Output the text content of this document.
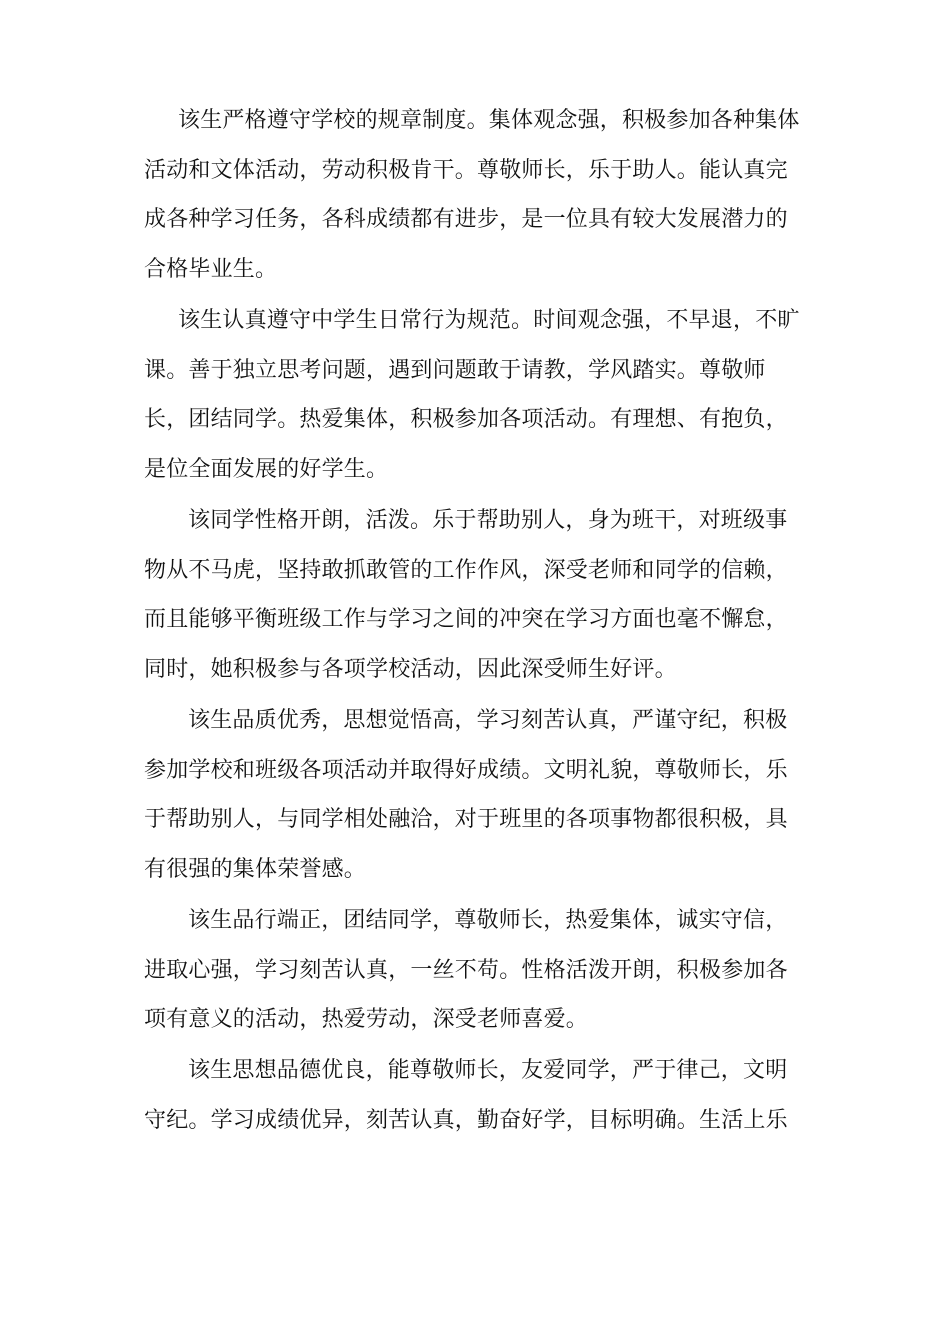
该生严格遵守学校的规章制度。集体观念强，积极参加各种集体
活动和文体活动，劳动积极肯干。尊敬师长，乐于助人。能认真完
成各种学习任务，各科成绩都有进步，是一位具有较大发展潜力的
合格毕业生。
该生认真遵守中学生日常行为规范。时间观念强，不早退，不旷
课。善于独立思考问题，遇到问题敢于请教，学风踏实。尊敬师
长，团结同学。热爱集体，积极参加各项活动。有理想、有抱负，
是位全面发展的好学生。
该同学性格开朗，活泼。乐于帮助别人，身为班干，对班级事
物从不马虎，坚持敢抓敢管的工作作风，深受老师和同学的信赖，
而且能够平衡班级工作与学习之间的冲突在学习方面也毫不懈怠，
同时，她积极参与各项学校活动，因此深受师生好评。
该生品质优秀，思想觉悟高，学习刻苦认真，严谨守纪，积极
参加学校和班级各项活动并取得好成绩。文明礼貌，尊敬师长，乐
于帮助别人，与同学相处融洽，对于班里的各项事物都很积极，具
有很强的集体荣誉感。
该生品行端正，团结同学，尊敬师长，热爱集体，诚实守信，
进取心强，学习刻苦认真，一丝不苟。性格活泼开朗，积极参加各
项有意义的活动，热爱劳动，深受老师喜爱。
该生思想品德优良，能尊敬师长，友爱同学，严于律己，文明
守纪。学习成绩优异，刻苦认真，勤奋好学，目标明确。生活上乐
